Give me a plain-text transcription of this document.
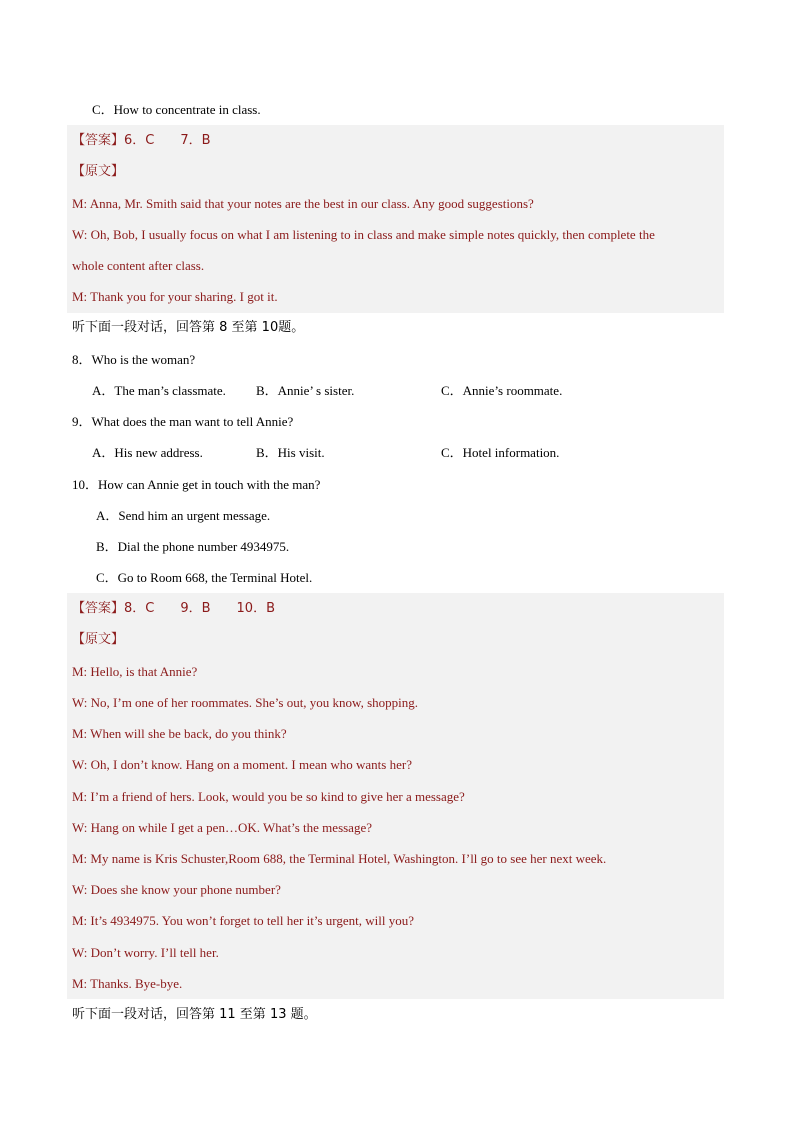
C．How to concentrate in class.
【答案】6．C　　7．B
【原文】
M: Anna, Mr. Smith said that your notes are the best in our class. Any good suggestions?
W: Oh, Bob, I usually focus on what I am listening to in class and make simple notes quickly, then complete the
whole content after class.
M: Thank you for your sharing. I got it.
听下面一段对话，回答第 8 至第 10题。
8．Who is the woman?
A．The man’s classmate. B．Annie’ s sister.	C．Annie’s roommate.
9．What does the man want to tell Annie?
A．His new address.	B．His visit.	C．Hotel information.
10．How can Annie get in touch with the man?
A．Send him an urgent message.
B．Dial the phone number 4934975.
C．Go to Room 668, the Terminal Hotel.
【答案】8．C　　9．B　　10．B
【原文】
M: Hello, is that Annie?
W: No, I’m one of her roommates. She’s out, you know, shopping.
M: When will she be back, do you think?
W: Oh, I don’t know. Hang on a moment. I mean who wants her?
M: I’m a friend of hers. Look, would you be so kind to give her a message?
W: Hang on while I get a pen…OK. What’s the message?
M: My name is Kris Schuster,Room 688, the Terminal Hotel, Washington. I’ll go to see her next week.
W: Does she know your phone number?
M: It’s 4934975. You won’t forget to tell her it’s urgent, will you?
W: Don’t worry. I’ll tell her.
M: Thanks. Bye-bye.
听下面一段对话，回答第 11 至第 13 题。
